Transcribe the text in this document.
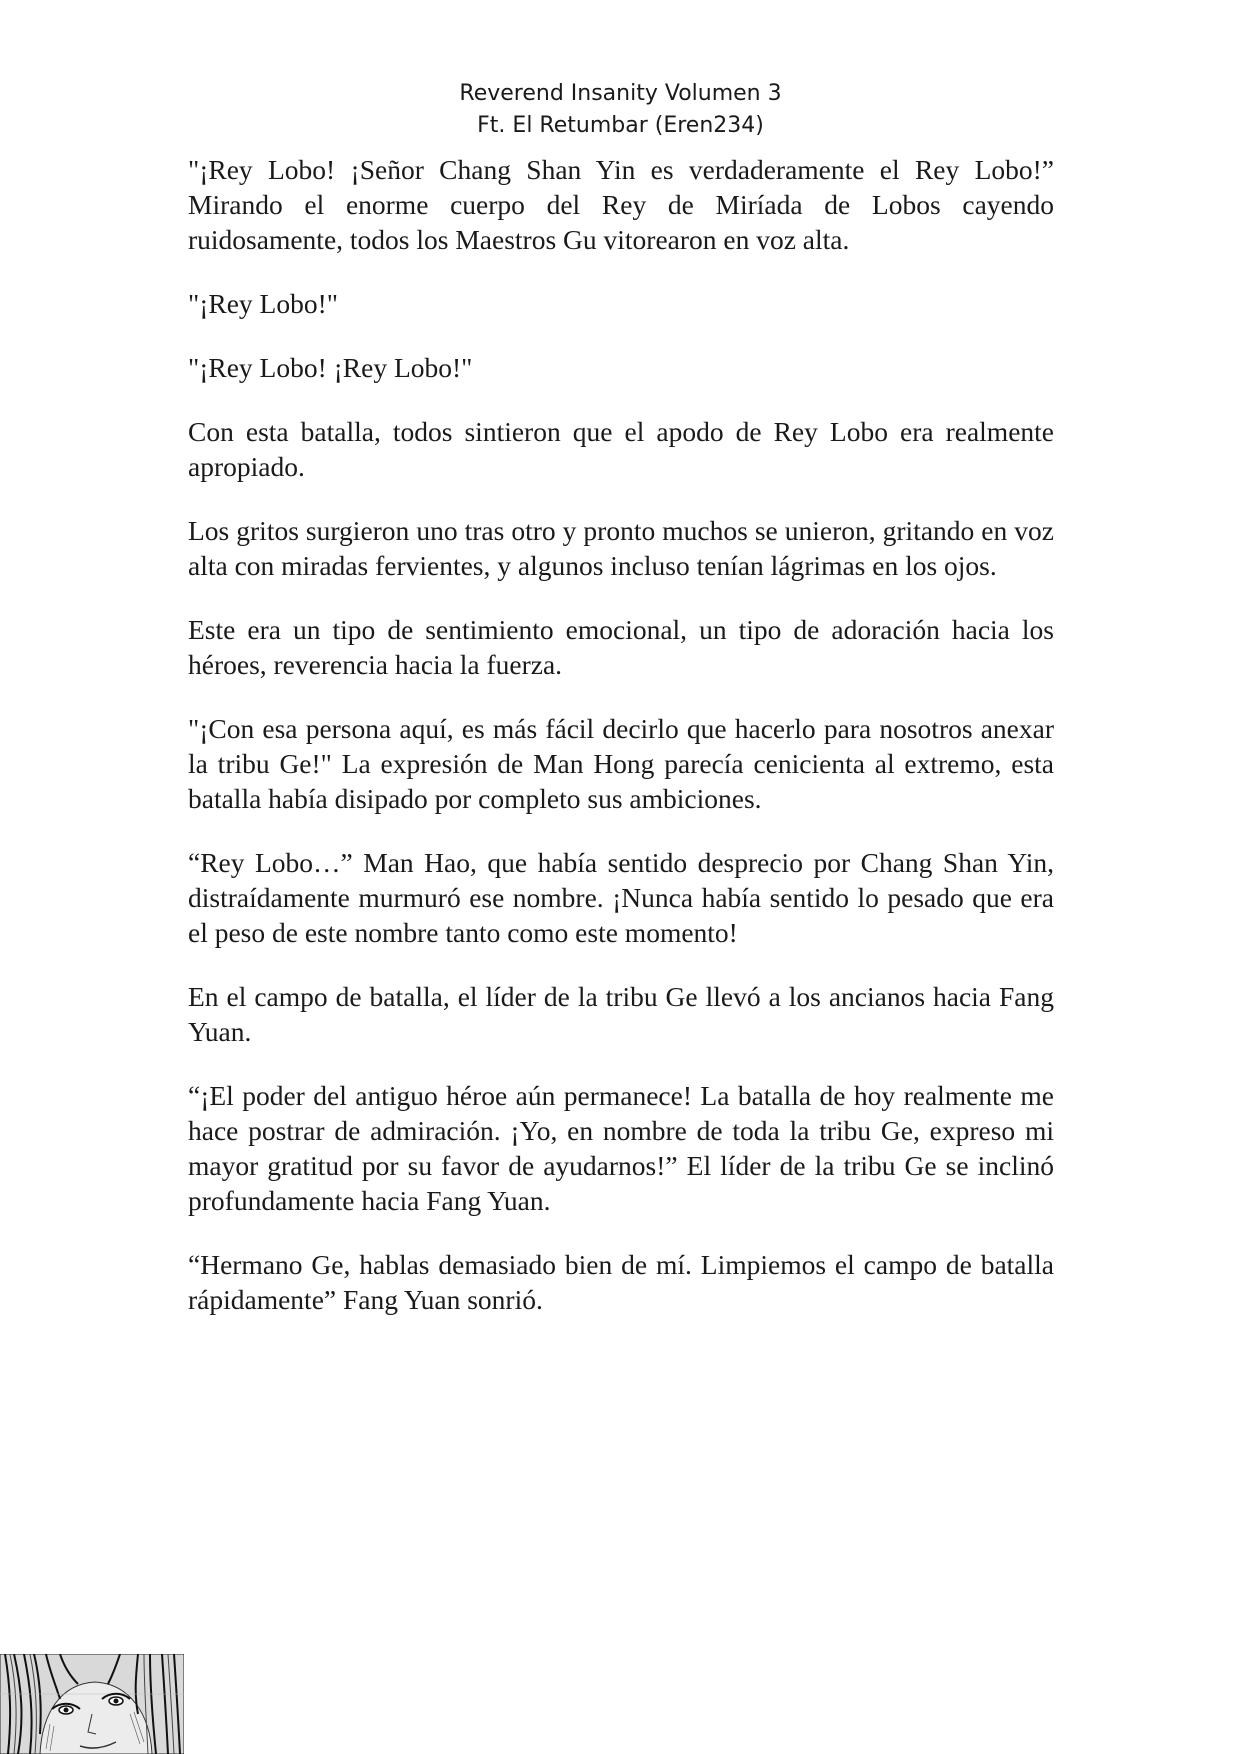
Reverend Insanity Volumen 3
Ft. El Retumbar (Eren234)

"¡Rey Lobo! ¡Señor Chang Shan Yin es verdaderamente el Rey Lobo!” Mirando el enorme cuerpo del Rey de Miríada de Lobos cayendo ruidosamente, todos los Maestros Gu vitorearon en voz alta.

"¡Rey Lobo!"

"¡Rey Lobo! ¡Rey Lobo!"

Con esta batalla, todos sintieron que el apodo de Rey Lobo era realmente apropiado.

Los gritos surgieron uno tras otro y pronto muchos se unieron, gritando en voz alta con miradas fervientes, y algunos incluso tenían lágrimas en los ojos.

Este era un tipo de sentimiento emocional, un tipo de adoración hacia los héroes, reverencia hacia la fuerza.

"¡Con esa persona aquí, es más fácil decirlo que hacerlo para nosotros anexar la tribu Ge!" La expresión de Man Hong parecía cenicienta al extremo, esta batalla había disipado por completo sus ambiciones.

“Rey Lobo…” Man Hao, que había sentido desprecio por Chang Shan Yin, distraídamente murmuró ese nombre. ¡Nunca había sentido lo pesado que era el peso de este nombre tanto como este momento!

En el campo de batalla, el líder de la tribu Ge llevó a los ancianos hacia Fang Yuan.

“¡El poder del antiguo héroe aún permanece! La batalla de hoy realmente me hace postrar de admiración. ¡Yo, en nombre de toda la tribu Ge, expreso mi mayor gratitud por su favor de ayudarnos!” El líder de la tribu Ge se inclinó profundamente hacia Fang Yuan.

“Hermano Ge, hablas demasiado bien de mí. Limpiemos el campo de batalla rápidamente” Fang Yuan sonrió.
